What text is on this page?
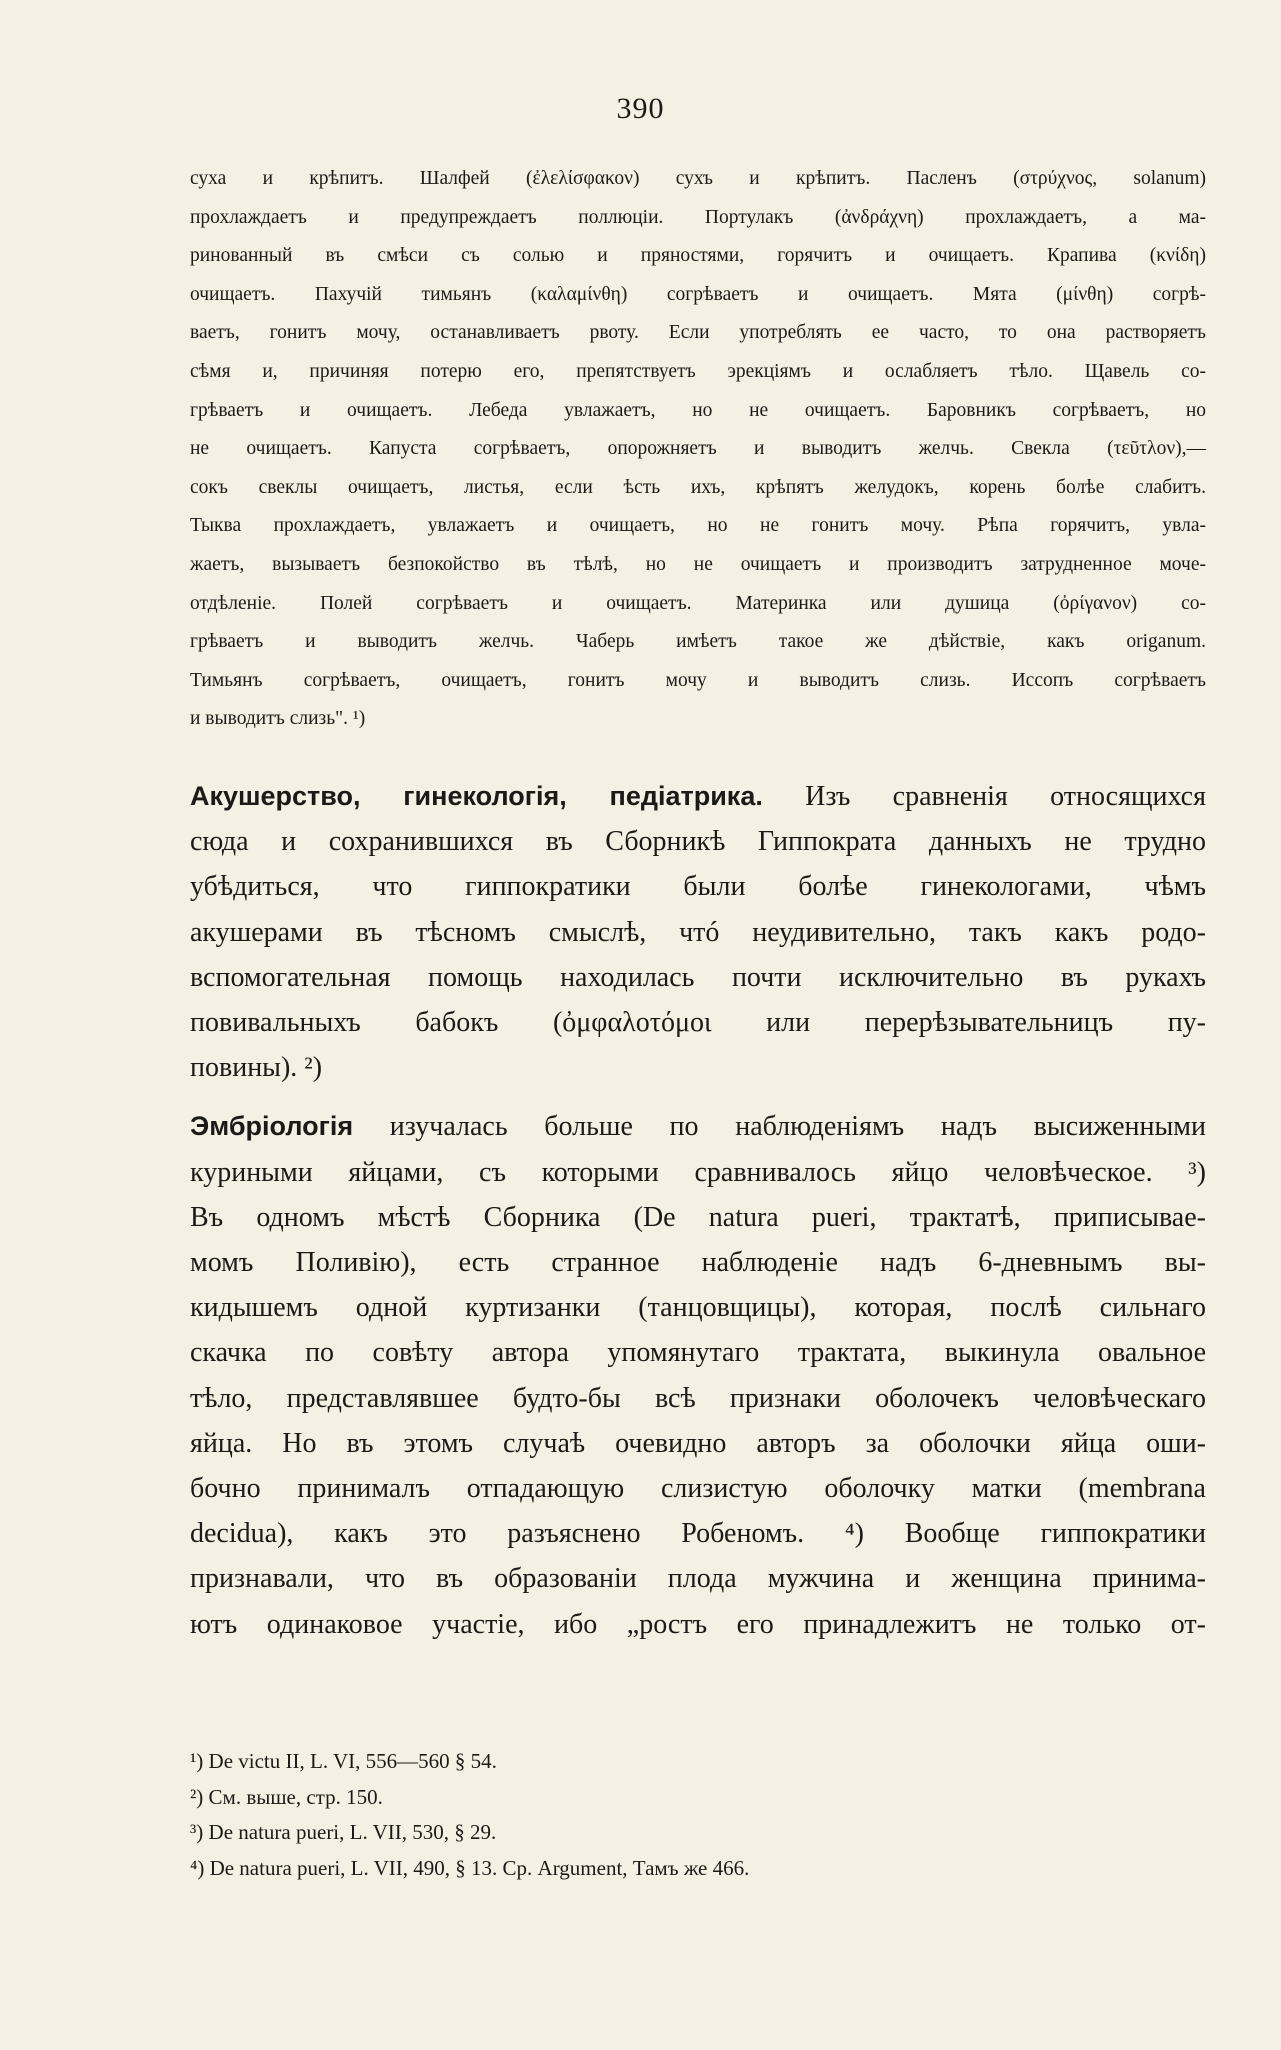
390
суха и крѣпитъ. Шалфей (ἐλελίσφακον) сухъ и крѣпитъ. Пасленъ (στρύχνος, solanum)
прохлаждаетъ и предупреждаетъ поллюціи. Портулакъ (ἀνδράχνη) прохлаждаетъ, а ма-
ринованный въ смѣси съ солью и пряностями, горячитъ и очищаетъ. Крапива (κνίδη)
очищаетъ. Пахучій тимьянъ (καλαμίνθη) согрѣваетъ и очищаетъ. Мята (μίνθη) согрѣ-
ваетъ, гонитъ мочу, останавливаетъ рвоту. Если употреблять ее часто, то она растворяетъ
сѣмя и, причиняя потерю его, препятствуетъ эрекціямъ и ослабляетъ тѣло. Щавель со-
грѣваетъ и очищаетъ. Лебеда увлажаетъ, но не очищаетъ. Баровникъ согрѣваетъ, но
не очищаетъ. Капуста согрѣваетъ, опорожняетъ и выводитъ желчь. Свекла (τεῦτλον),—
сокъ свеклы очищаетъ, листья, если ѣсть ихъ, крѣпятъ желудокъ, корень болѣе слабитъ.
Тыква прохлаждаетъ, увлажаетъ и очищаетъ, но не гонитъ мочу. Рѣпа горячитъ, увла-
жаетъ, вызываетъ безпокойство въ тѣлѣ, но не очищаетъ и производитъ затрудненное моче-
отдѣленіе. Полей согрѣваетъ и очищаетъ. Материнка или душица (ὀρίγανον) со-
грѣваетъ и выводитъ желчь. Чаберь имѣетъ такое же дѣйствіе, какъ origanum.
Тимьянъ согрѣваетъ, очищаетъ, гонитъ мочу и выводитъ слизь. Иссопъ согрѣваетъ
и выводитъ слизь". ¹)
Акушерство, гинекологія, педіатрика. Изъ сравненія относящихся
сюда и сохранившихся въ Сборникѣ Гиппократа данныхъ не трудно
убѣдиться, что гиппократики были болѣе гинекологами, чѣмъ
акушерами въ тѣсномъ смыслѣ, чтó неудивительно, такъ какъ родо-
вспомогательная помощь находилась почти исключительно въ рукахъ
повивальныхъ бабокъ (ὀμφαλοτόμοι или перерѣзывательницъ пу-
повины). ²)
Эмбріологія изучалась больше по наблюденіямъ надъ высиженными
куриными яйцами, съ которыми сравнивалось яйцо человѣческое. ³)
Въ одномъ мѣстѣ Сборника (De natura pueri, трактатѣ, приписывае-
момъ Поливію), есть странное наблюденіе надъ 6-дневнымъ вы-
кидышемъ одной куртизанки (танцовщицы), которая, послѣ сильнаго
скачка по совѣту автора упомянутаго трактата, выкинула овальное
тѣло, представлявшее будто-бы всѣ признаки оболочекъ человѣческаго
яйца. Но въ этомъ случаѣ очевидно авторъ за оболочки яйца оши-
бочно принималъ отпадающую слизистую оболочку матки (membrana
decidua), какъ это разъяснено Робеномъ. ⁴) Вообще гиппократики
признавали, что въ образованіи плода мужчина и женщина принима-
ютъ одинаковое участіе, ибо „ростъ его принадлежитъ не только от-
¹) De victu II, L. VI, 556—560 § 54.
²) См. выше, стр. 150.
³) De natura pueri, L. VII, 530, § 29.
⁴) De natura pueri, L. VII, 490, § 13. Ср. Argument, Тамъ же 466.
